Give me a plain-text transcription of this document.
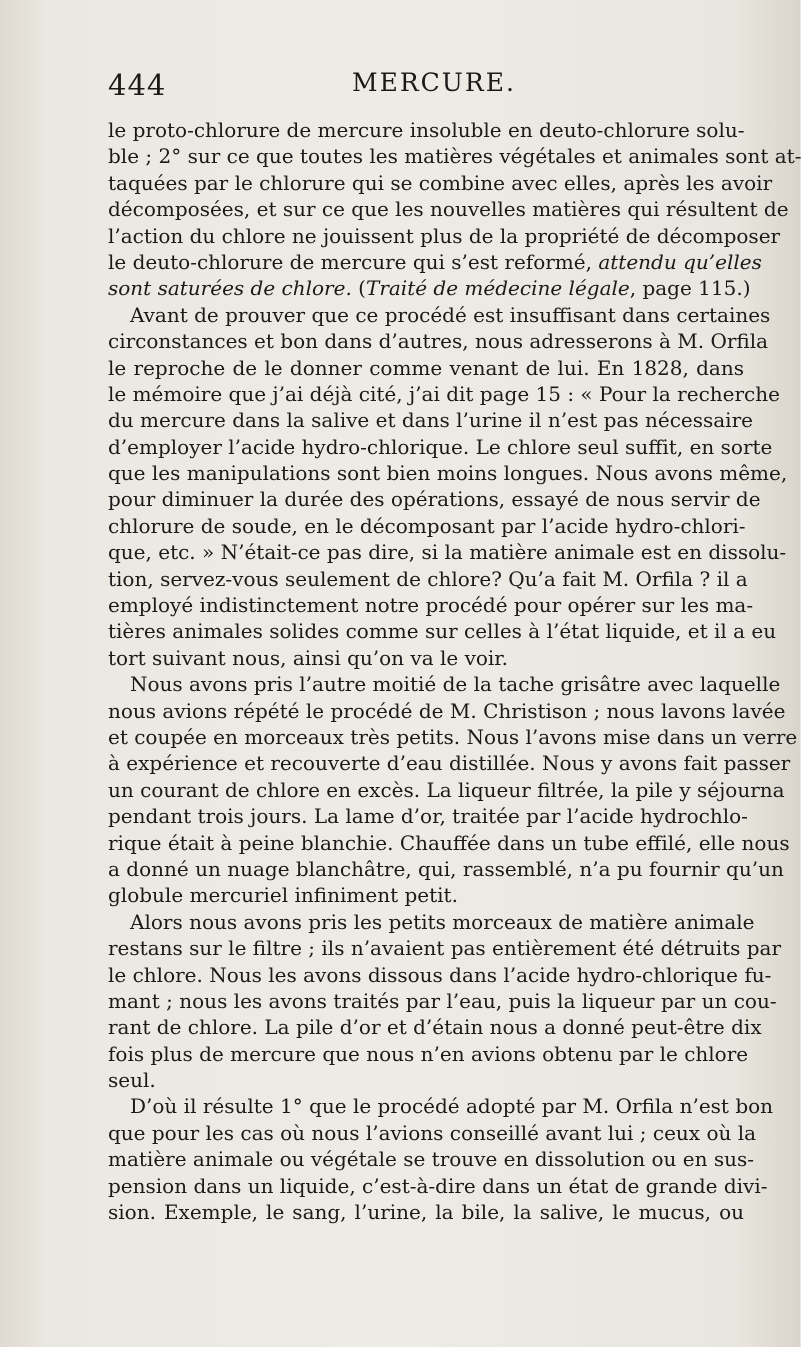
444	MERCURE.
le proto-chlorure de mercure insoluble en deuto-chlorure solu-
ble ; 2° sur ce que toutes les matières végétales et animales sont at-
taquées par le chlorure qui se combine avec elles, après les avoir
décomposées, et sur ce que les nouvelles matières qui résultent de
l’action du chlore ne jouissent plus de la propriété de décomposer
le deuto-chlorure de mercure qui s’est reformé, attendu qu’elles
sont saturées de chlore. (Traité de médecine légale, page 115.)
Avant de prouver que ce procédé est insuffisant dans certaines
circonstances et bon dans d’autres, nous adresserons à M. Orfila
le reproche de le donner comme venant de lui. En 1828, dans
le mémoire que j’ai déjà cité, j’ai dit page 15 : « Pour la recherche
du mercure dans la salive et dans l’urine il n’est pas nécessaire
d’employer l’acide hydro-chlorique. Le chlore seul suffit, en sorte
que les manipulations sont bien moins longues. Nous avons même,
pour diminuer la durée des opérations, essayé de nous servir de
chlorure de soude, en le décomposant par l’acide hydro-chlori-
que, etc. » N’était-ce pas dire, si la matière animale est en dissolu-
tion, servez-vous seulement de chlore? Qu’a fait M. Orfila ? il a
employé indistinctement notre procédé pour opérer sur les ma-
tières animales solides comme sur celles à l’état liquide, et il a eu
tort suivant nous, ainsi qu’on va le voir.
Nous avons pris l’autre moitié de la tache grisâtre avec laquelle
nous avions répété le procédé de M. Christison ; nous lavons lavée
et coupée en morceaux très petits. Nous l’avons mise dans un verre
à expérience et recouverte d’eau distillée. Nous y avons fait passer
un courant de chlore en excès. La liqueur filtrée, la pile y séjourna
pendant trois jours. La lame d’or, traitée par l’acide hydrochlo-
rique était à peine blanchie. Chauffée dans un tube effilé, elle nous
a donné un nuage blanchâtre, qui, rassemblé, n’a pu fournir qu’un
globule mercuriel infiniment petit.
Alors nous avons pris les petits morceaux de matière animale
restans sur le filtre ; ils n’avaient pas entièrement été détruits par
le chlore. Nous les avons dissous dans l’acide hydro-chlorique fu-
mant ; nous les avons traités par l’eau, puis la liqueur par un cou-
rant de chlore. La pile d’or et d’étain nous a donné peut-être dix
fois plus de mercure que nous n’en avions obtenu par le chlore
seul.
D’où il résulte 1° que le procédé adopté par M. Orfila n’est bon
que pour les cas où nous l’avions conseillé avant lui ; ceux où la
matière animale ou végétale se trouve en dissolution ou en sus-
pension dans un liquide, c’est-à-dire dans un état de grande divi-
sion. Exemple, le sang, l’urine, la bile, la salive, le mucus, ou
